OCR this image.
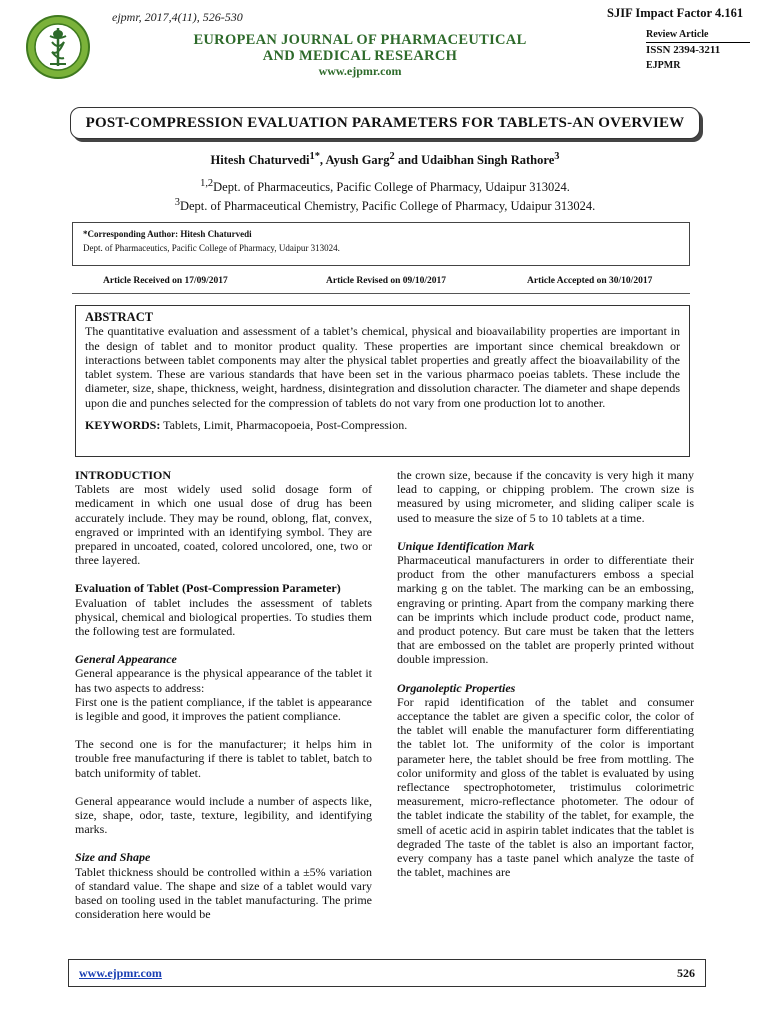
ejpmr, 2017,4(11), 526-530	SJIF Impact Factor 4.161
EUROPEAN JOURNAL OF PHARMACEUTICAL
AND MEDICAL RESEARCH
www.ejpmr.com
Review Article
ISSN 2394-3211
EJPMR
POST-COMPRESSION EVALUATION PARAMETERS FOR TABLETS-AN OVERVIEW
Hitesh Chaturvedi$^{1*}$, Ayush Garg$^2$ and Udaibhan Singh Rathore$^3$
$^{1,2}$Dept. of Pharmaceutics, Pacific College of Pharmacy, Udaipur 313024.
$^3$Dept. of Pharmaceutical Chemistry, Pacific College of Pharmacy, Udaipur 313024.
*Corresponding Author: Hitesh Chaturvedi
Dept. of Pharmaceutics, Pacific College of Pharmacy, Udaipur 313024.
Article Received on 17/09/2017	Article Revised on 09/10/2017	Article Accepted on 30/10/2017
ABSTRACT
The quantitative evaluation and assessment of a tablet’s chemical, physical and bioavailability properties are important in the design of tablet and to monitor product quality. These properties are important since chemical breakdown or interactions between tablet components may alter the physical tablet properties and greatly affect the bioavailability of the tablet system. These are various standards that have been set in the various pharmaco poeias tablets. These include the diameter, size, shape, thickness, weight, hardness, disintegration and dissolution character. The diameter and shape depends upon die and punches selected for the compression of tablets do not vary from one production lot to another.
KEYWORDS: Tablets, Limit, Pharmacopoeia, Post-Compression.
INTRODUCTION

Tablets are most widely used solid dosage form of medicament in which one usual dose of drug has been accurately include. They may be round, oblong, flat, convex, engraved or imprinted with an identifying symbol. They are prepared in uncoated, coated, colored uncolored, one, two or three layered.

Evaluation of Tablet (Post-Compression Parameter)

Evaluation of tablet includes the assessment of tablets physical, chemical and biological properties. To studies them the following test are formulated.

General Appearance

General appearance is the physical appearance of the tablet it has two aspects to address:

First one is the patient compliance, if the tablet is appearance is legible and good, it improves the patient compliance.

The second one is for the manufacturer; it helps him in trouble free manufacturing if there is tablet to tablet, batch to batch uniformity of tablet.

General appearance would include a number of aspects like, size, shape, odor, taste, texture, legibility, and identifying marks.

Size and Shape

Tablet thickness should be controlled within a ±5% variation of standard value. The shape and size of a tablet would vary based on tooling used in the tablet manufacturing. The prime consideration here would be

the crown size, because if the concavity is very high it many lead to capping, or chipping problem. The crown size is measured by using micrometer, and sliding caliper scale is used to measure the size of 5 to 10 tablets at a time.

Unique Identification Mark

Pharmaceutical manufacturers in order to differentiate their product from the other manufacturers emboss a special marking g on the tablet. The marking can be an embossing, engraving or printing. Apart from the company marking there can be imprints which include product code, product name, and product potency. But care must be taken that the letters that are embossed on the tablet are properly printed without double impression.

Organoleptic Properties

For rapid identification of the tablet and consumer acceptance the tablet are given a specific color, the color of the tablet will enable the manufacturer form differentiating the tablet lot. The uniformity of the color is important parameter here, the tablet should be free from mottling. The color uniformity and gloss of the tablet is evaluated by using reflectance spectrophotometer, tristimulus colorimetric measurement, micro-reflectance photometer. The odour of the tablet indicate the stability of the tablet, for example, the smell of acetic acid in aspirin tablet indicates that the tablet is degraded The taste of the tablet is also an important factor, every company has a taste panel which analyze the taste of the tablet, machines are

www.ejpmr.com	526
